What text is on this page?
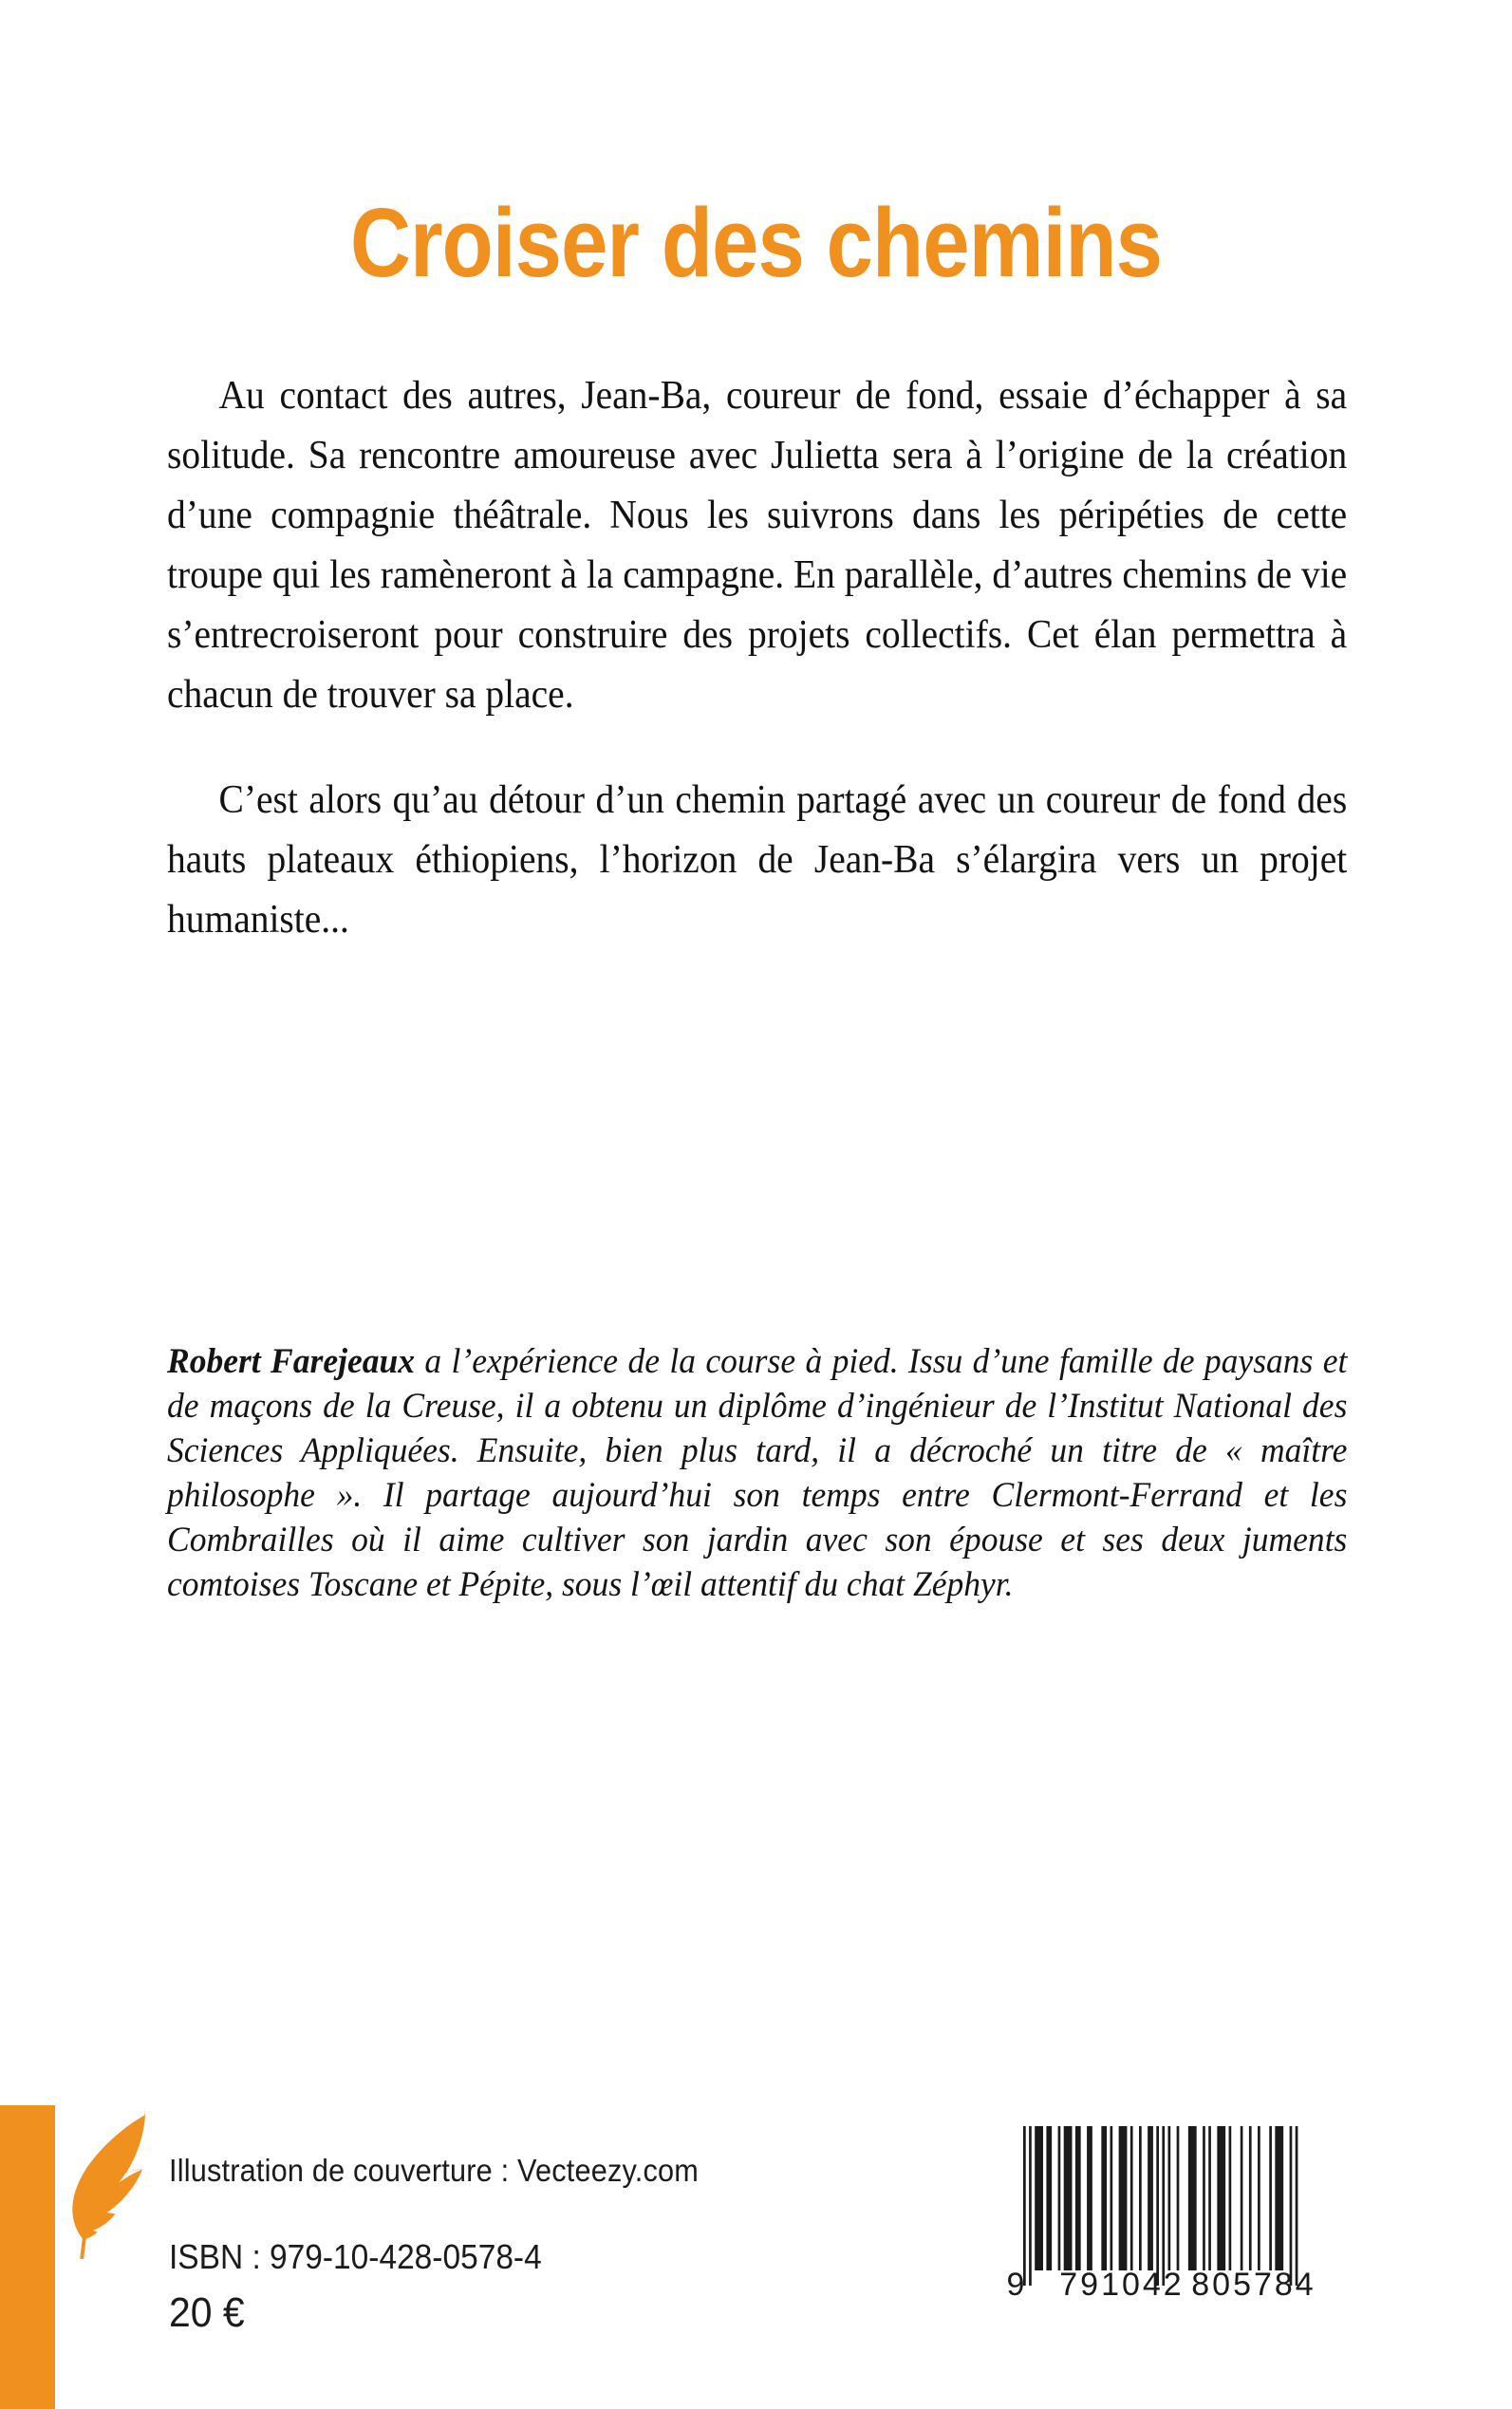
Croiser des chemins

Au contact des autres, Jean-Ba, coureur de fond, essaie d’échapper à sa solitude. Sa rencontre amoureuse avec Julietta sera à l’origine de la création d’une compagnie théâtrale. Nous les suivrons dans les péripéties de cette troupe qui les ramèneront à la campagne. En parallèle, d’autres chemins de vie s’entrecroiseront pour construire des projets collectifs. Cet élan permettra à chacun de trouver sa place.

C’est alors qu’au détour d’un chemin partagé avec un coureur de fond des hauts plateaux éthiopiens, l’horizon de Jean-Ba s’élargira vers un projet humaniste...

Robert Farejeaux a l’expérience de la course à pied. Issu d’une famille de paysans et de maçons de la Creuse, il a obtenu un diplôme d’ingénieur de l’Institut National des Sciences Appliquées. Ensuite, bien plus tard, il a décroché un titre de « maître philosophe ». Il partage aujourd’hui son temps entre Clermont-Ferrand et les Combrailles où il aime cultiver son jardin avec son épouse et ses deux juments comtoises Toscane et Pépite, sous l’œil attentif du chat Zéphyr.

Illustration de couverture : Vecteezy.com
ISBN : 979-10-428-0578-4
20 €
9 791042 805784
